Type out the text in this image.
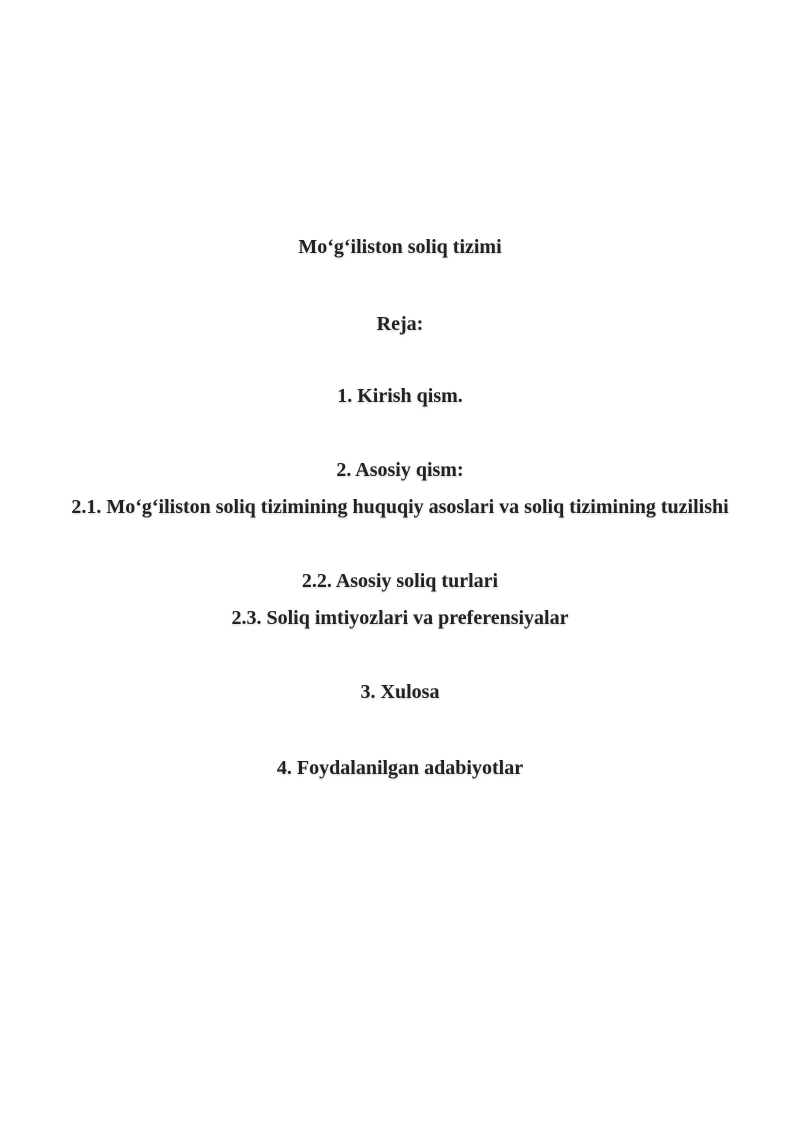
Mo‘g‘iliston soliq tizimi
Reja:
1. Kirish qism.
2. Asosiy qism:
2.1. Mo‘g‘iliston soliq tizimining huquqiy asoslari va soliq tizimining tuzilishi
2.2. Asosiy soliq turlari
2.3. Soliq imtiyozlari va preferensiyalar
3. Xulosa
4. Foydalanilgan adabiyotlar
